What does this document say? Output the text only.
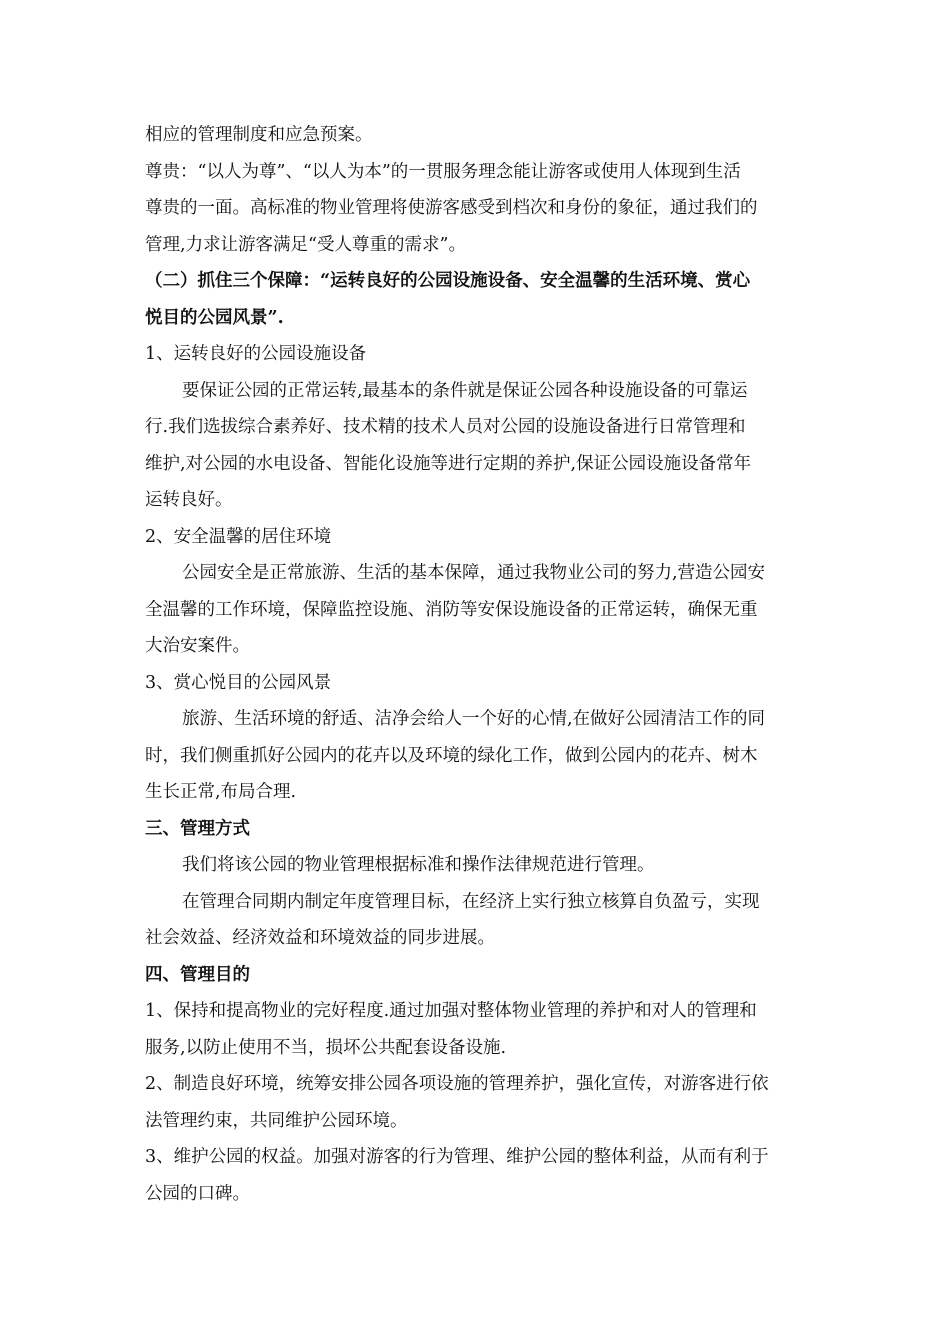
相应的管理制度和应急预案。
尊贵：“以人为尊”、“以人为本”的一贯服务理念能让游客或使用人体现到生活
尊贵的一面。高标准的物业管理将使游客感受到档次和身份的象征，通过我们的
管理,力求让游客满足“受人尊重的需求”。
（二）抓住三个保障：“运转良好的公园设施设备、安全温馨的生活环境、赏心
悦目的公园风景”.
1、运转良好的公园设施设备
要保证公园的正常运转,最基本的条件就是保证公园各种设施设备的可靠运
行.我们选拔综合素养好、技术精的技术人员对公园的设施设备进行日常管理和
维护,对公园的水电设备、智能化设施等进行定期的养护,保证公园设施设备常年
运转良好。
2、安全温馨的居住环境
公园安全是正常旅游、生活的基本保障，通过我物业公司的努力,营造公园安
全温馨的工作环境，保障监控设施、消防等安保设施设备的正常运转，确保无重
大治安案件。
3、赏心悦目的公园风景
旅游、生活环境的舒适、洁净会给人一个好的心情,在做好公园清洁工作的同
时，我们侧重抓好公园内的花卉以及环境的绿化工作，做到公园内的花卉、树木
生长正常,布局合理.
三、管理方式
我们将该公园的物业管理根据标准和操作法律规范进行管理。
在管理合同期内制定年度管理目标，在经济上实行独立核算自负盈亏，实现
社会效益、经济效益和环境效益的同步进展。
四、管理目的
1、保持和提高物业的完好程度.通过加强对整体物业管理的养护和对人的管理和
服务,以防止使用不当，损坏公共配套设备设施.
2、制造良好环境，统筹安排公园各项设施的管理养护，强化宣传，对游客进行依
法管理约束，共同维护公园环境。
3、维护公园的权益。加强对游客的行为管理、维护公园的整体利益，从而有利于
公园的口碑。
